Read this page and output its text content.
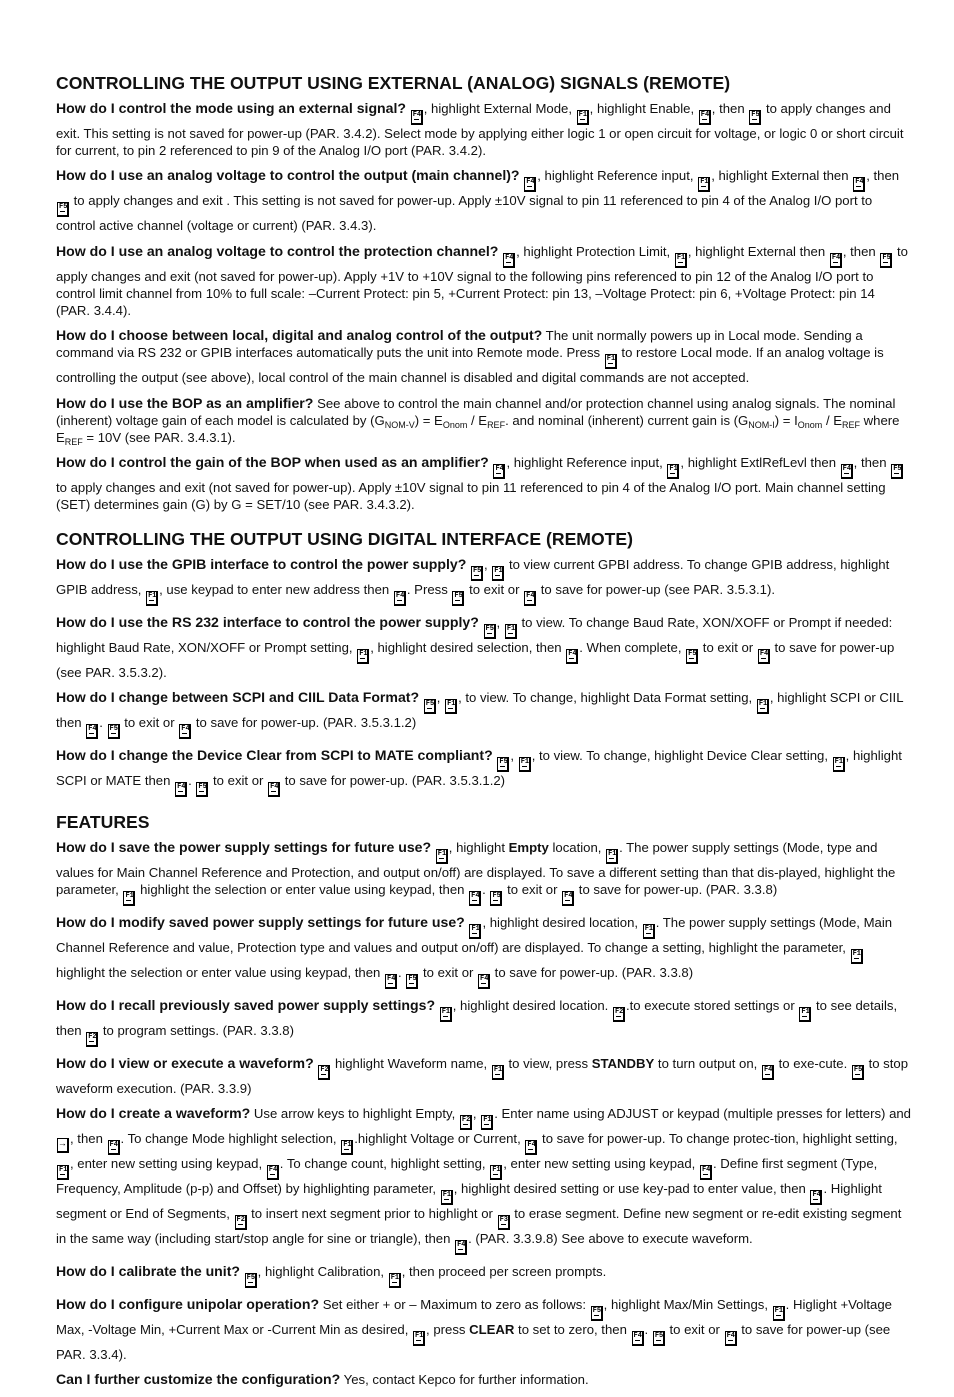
CONTROLLING THE OUTPUT USING EXTERNAL (ANALOG) SIGNALS (REMOTE)

How do I control the mode using an external signal? F4 , highlight External Mode, F1 , highlight Enable, F4 , then F5 to apply changes and exit. This setting is not saved for power-up (PAR. 3.4.2). Select mode by applying either logic 1 or open circuit for voltage, or logic 0 or short circuit for current, to pin 2 referenced to pin 9 of the Analog I/O port (PAR. 3.4.2).

How do I use an analog voltage to control the output (main channel)? F4 , highlight Reference input, F1 , highlight External then F4 , then F5 to apply changes and exit . This setting is not saved for power-up. Apply ±10V signal to pin 11 referenced to pin 4 of the Analog I/O port to control active channel (voltage or current) (PAR. 3.4.3).

How do I use an analog voltage to control the protection channel? F4 , highlight Protection Limit, F1 , highlight External then F4 , then F5 to apply changes and exit (not saved for power-up). Apply +1V to +10V signal to the following pins referenced to pin 12 of the Analog I/O port to control limit channel from 10% to full scale: –Current Protect: pin 5, +Current Protect: pin 13, –Voltage Protect: pin 6, +Voltage Protect: pin 14 (PAR. 3.4.4).

How do I choose between local, digital and analog control of the output? The unit normally powers up in Local mode. Sending a command via RS 232 or GPIB interfaces automatically puts the unit into Remote mode. Press F1 to restore Local mode. If an analog voltage is controlling the output (see above), local control of the main channel is disabled and digital commands are not accepted.

How do I use the BOP as an amplifier? See above to control the main channel and/or protection channel using analog signals. The nominal (inherent) voltage gain of each model is calculated by $(G_{NOM-V}) = E_{Onom} / E_{REF}$. and nominal (inherent) current gain is $(G_{NOM-I}) = I_{Onom} / E_{REF}$ where $E_{REF} = 10V$ (see PAR. 3.4.3.1).

How do I control the gain of the BOP when used as an amplifier? F4 , highlight Reference input, F1 , highlight ExtlRefLevl then F4 , then F5 to apply changes and exit (not saved for power-up). Apply ±10V signal to pin 11 referenced to pin 4 of the Analog I/O port. Main channel setting (SET) determines gain (G) by G = SET/10 (see PAR. 3.4.3.2).

CONTROLLING THE OUTPUT USING DIGITAL INTERFACE (REMOTE)

How do I use the GPIB interface to control the power supply? F5 , F1 to view current GPBI address. To change GPIB address, highlight GPIB address, F1 , use keypad to enter new address then F4 . Press F5 to exit or F4 to save for power-up (see PAR. 3.5.3.1).

How do I use the RS 232 interface to control the power supply? F5 , F1 to view. To change Baud Rate, XON/XOFF or Prompt if needed: highlight Baud Rate, XON/XOFF or Prompt setting, F1 , highlight desired selection, then F4 . When complete, F5 to exit or F4 to save for power-up (see PAR. 3.5.3.2).

How do I change between SCPI and CIIL Data Format? F5 , F1 , to view. To change, highlight Data Format setting, F1 , highlight SCPI or CIIL then F4 . F5 to exit or F4 to save for power-up. (PAR. 3.5.3.1.2)

How do I change the Device Clear from SCPI to MATE compliant? F5 , F1 , to view. To change, highlight Device Clear setting, F1 , highlight SCPI or MATE then F4 . F5 to exit or F4 to save for power-up. (PAR. 3.5.3.1.2)

FEATURES

How do I save the power supply settings for future use? F1 , highlight Empty location, F1 . The power supply settings (Mode, type and values for Main Channel Reference and Protection, and output on/off) are displayed. To save a different setting than that dis-played, highlight the parameter, F1 highlight the selection or enter value using keypad, then F4 . F5 to exit or F4 to save for power-up. (PAR. 3.3.8)

How do I modify saved power supply settings for future use? F1 , highlight desired location, F1 . The power supply settings (Mode, Main Channel Reference and value, Protection type and values and output on/off) are displayed. To change a setting, highlight the parameter, F1 highlight the selection or enter value using keypad, then F4 . F5 to exit or F4 to save for power-up. (PAR. 3.3.8)

How do I recall previously saved power supply settings? F1 , highlight desired location. F2 .to execute stored settings or F1 to see details, then F2 to program settings. (PAR. 3.3.8)

How do I view or execute a waveform? F2 highlight Waveform name, F1 to view, press STANDBY to turn output on, F4 to exe-cute. F5 to stop waveform execution. (PAR. 3.3.9)

How do I create a waveform? Use arrow keys to highlight Empty, F2 , F1 . Enter name using ADJUST or keypad (multiple presses for letters) and → , then F4 . To change Mode highlight selection, F1 .highlight Voltage or Current, F4 to save for power-up. To change protec-tion, highlight setting, F1 , enter new setting using keypad, F4 . To change count, highlight setting, F1 , enter new setting using keypad, F4 . Define first segment (Type, Frequency, Amplitude (p-p) and Offset) by highlighting parameter, F1 , highlight desired setting or use key-pad to enter value, then F4 . Highlight segment or End of Segments, F2 to insert next segment prior to highlight or F3 to erase segment. Define new segment or re-edit existing segment in the same way (including start/stop angle for sine or triangle), then F4 . (PAR. 3.3.9.8) See above to execute waveform.

How do I calibrate the unit? F5 , highlight Calibration, F1 , then proceed per screen prompts.

How do I configure unipolar operation? Set either + or – Maximum to zero as follows: F5 , highlight Max/Min Settings, F1 . Higlight +Voltage Max, -Voltage Min, +Current Max or -Current Min as desired, F1 , press CLEAR to set to zero, then F4 . F5 to exit or F4 to save for power-up (see PAR. 3.3.4).

Can I further customize the configuration? Yes, contact Kepco for further information.
